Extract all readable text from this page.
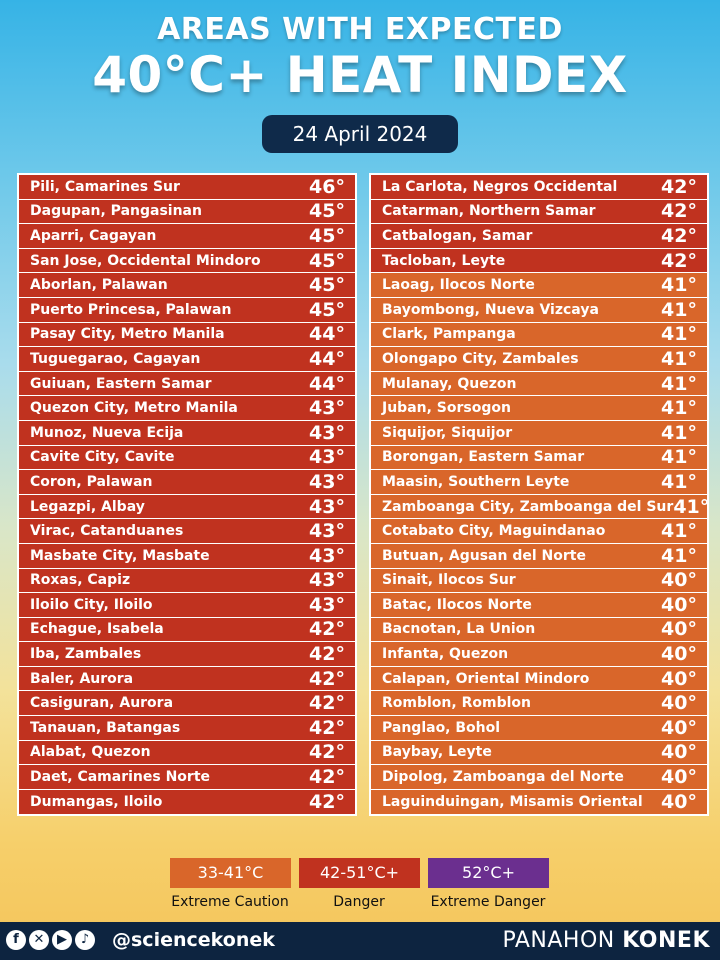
AREAS WITH EXPECTED
40°C+ HEAT INDEX
24 April 2024
Pili, Camarines Sur	46°
Dagupan, Pangasinan	45°
Aparri, Cagayan	45°
San Jose, Occidental Mindoro	45°
Aborlan, Palawan	45°
Puerto Princesa, Palawan	45°
Pasay City, Metro Manila	44°
Tuguegarao, Cagayan	44°
Guiuan, Eastern Samar	44°
Quezon City, Metro Manila	43°
Munoz, Nueva Ecija	43°
Cavite City, Cavite	43°
Coron, Palawan	43°
Legazpi, Albay	43°
Virac, Catanduanes	43°
Masbate City, Masbate	43°
Roxas, Capiz	43°
Iloilo City, Iloilo	43°
Echague, Isabela	42°
Iba, Zambales	42°
Baler, Aurora	42°
Casiguran, Aurora	42°
Tanauan, Batangas	42°
Alabat, Quezon	42°
Daet, Camarines Norte	42°
Dumangas, Iloilo	42°
La Carlota, Negros Occidental 42°
Catarman, Northern Samar	42°
Catbalogan, Samar	42°
Tacloban, Leyte	42°
Laoag, Ilocos Norte	41°
Bayombong, Nueva Vizcaya	41°
Clark, Pampanga	41°
Olongapo City, Zambales	41°
Mulanay, Quezon	41°
Juban, Sorsogon	41°
Siquijor, Siquijor	41°
Borongan, Eastern Samar	41°
Maasin, Southern Leyte	41°
Zamboanga City, Zamboanga del Sur 41°
Cotabato City, Maguindanao	41°
Butuan, Agusan del Norte	41°
Sinait, Ilocos Sur	40°
Batac, Ilocos Norte	40°
Bacnotan, La Union	40°
Infanta, Quezon	40°
Calapan, Oriental Mindoro	40°
Romblon, Romblon	40°
Panglao, Bohol	40°
Baybay, Leyte	40°
Dipolog, Zamboanga del Norte 40°
Laguinduingan, Misamis Oriental 40°
33-41°C	42-51°C+	52°C+
Extreme Caution	Danger	Extreme Danger
f	✕ ▶	♪	@sciencekonek	PANAHON KONEK
